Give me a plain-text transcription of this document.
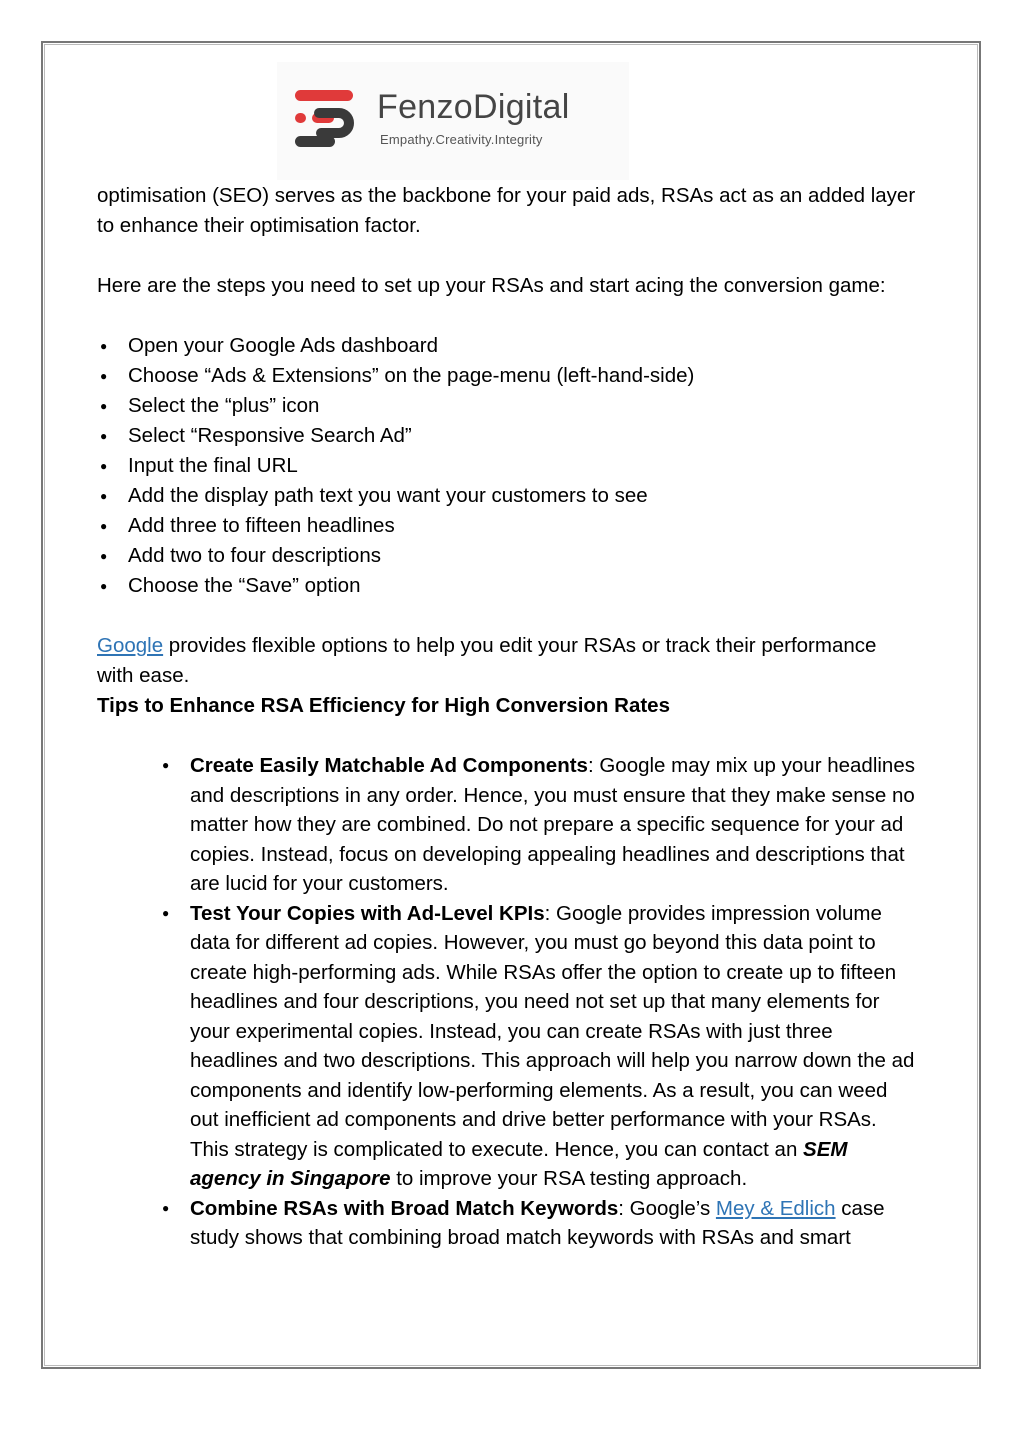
FenzoDigital
Empathy.Creativity.Integrity

optimisation (SEO) serves as the backbone for your paid ads, RSAs act as an added layer to enhance their optimisation factor.

Here are the steps you need to set up your RSAs and start acing the conversion game:

● Open your Google Ads dashboard
● Choose “Ads & Extensions” on the page-menu (left-hand-side)
● Select the “plus” icon
● Select “Responsive Search Ad”
● Input the final URL
● Add the display path text you want your customers to see
● Add three to fifteen headlines
● Add two to four descriptions
● Choose the “Save” option

Google provides flexible options to help you edit your RSAs or track their performance with ease.

Tips to Enhance RSA Efficiency for High Conversion Rates

● Create Easily Matchable Ad Components: Google may mix up your headlines and descriptions in any order. Hence, you must ensure that they make sense no matter how they are combined. Do not prepare a specific sequence for your ad copies. Instead, focus on developing appealing headlines and descriptions that are lucid for your customers.
● Test Your Copies with Ad-Level KPIs: Google provides impression volume data for different ad copies. However, you must go beyond this data point to create high-performing ads. While RSAs offer the option to create up to fifteen headlines and four descriptions, you need not set up that many elements for your experimental copies. Instead, you can create RSAs with just three headlines and two descriptions. This approach will help you narrow down the ad components and identify low-performing elements. As a result, you can weed out inefficient ad components and drive better performance with your RSAs. This strategy is complicated to execute. Hence, you can contact an SEM agency in Singapore to improve your RSA testing approach.
● Combine RSAs with Broad Match Keywords: Google’s Mey & Edlich case study shows that combining broad match keywords with RSAs and smart
